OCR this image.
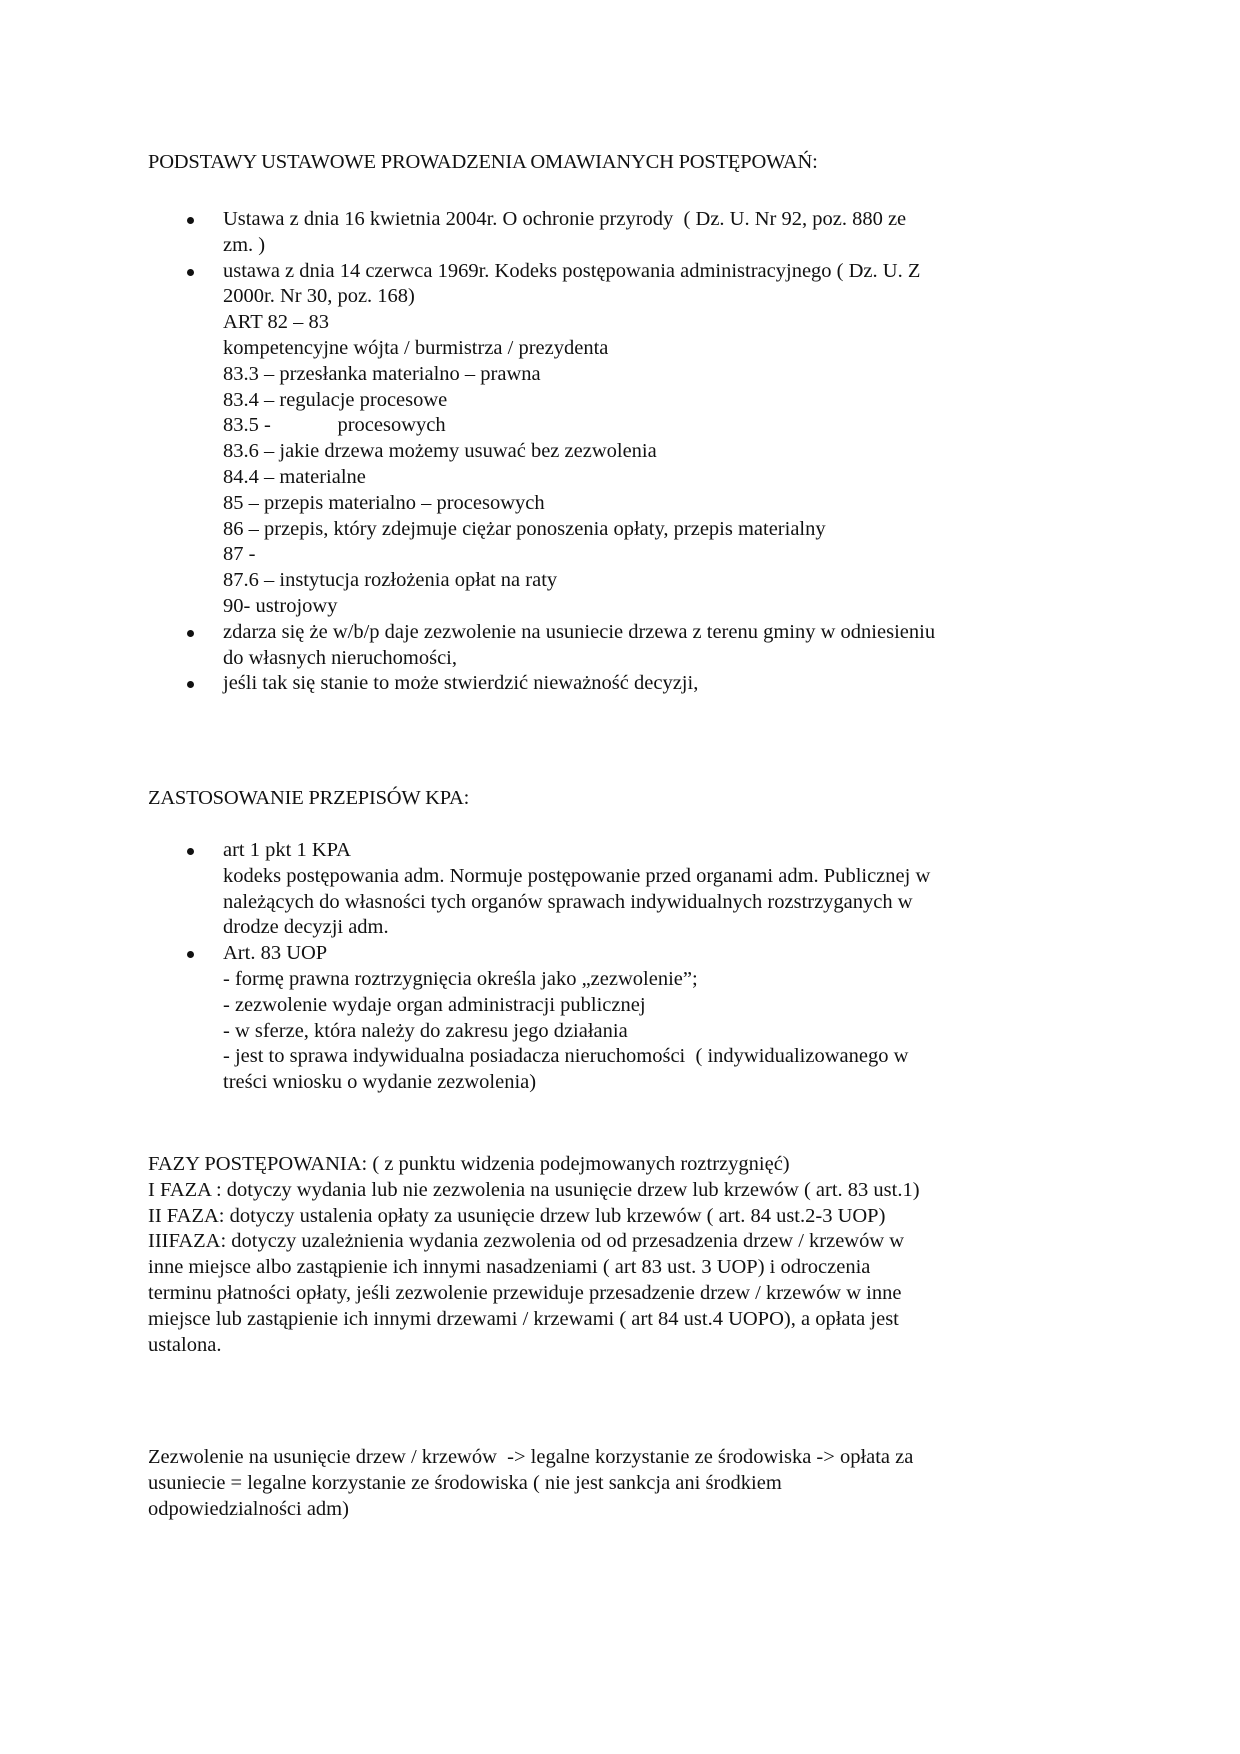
PODSTAWY USTAWOWE PROWADZENIA OMAWIANYCH POSTĘPOWAŃ:
Ustawa z dnia 16 kwietnia 2004r. O ochronie przyrody  ( Dz. U. Nr 92, poz. 880 ze
zm. )
ustawa z dnia 14 czerwca 1969r. Kodeks postępowania administracyjnego ( Dz. U. Z
2000r. Nr 30, poz. 168)
ART 82 – 83
kompetencyjne wójta / burmistrza / prezydenta
83.3 – przesłanka materialno – prawna
83.4 – regulacje procesowe
83.5 -             procesowych
83.6 – jakie drzewa możemy usuwać bez zezwolenia
84.4 – materialne
85 – przepis materialno – procesowych
86 – przepis, który zdejmuje ciężar ponoszenia opłaty, przepis materialny
87 -
87.6 – instytucja rozłożenia opłat na raty
90- ustrojowy
zdarza się że w/b/p daje zezwolenie na usuniecie drzewa z terenu gminy w odniesieniu
do własnych nieruchomości,
jeśli tak się stanie to może stwierdzić nieważność decyzji,
ZASTOSOWANIE PRZEPISÓW KPA:
art 1 pkt 1 KPA
kodeks postępowania adm. Normuje postępowanie przed organami adm. Publicznej w
należących do własności tych organów sprawach indywidualnych rozstrzyganych w
drodze decyzji adm.
Art. 83 UOP
- formę prawna roztrzygnięcia określa jako „zezwolenie”;
- zezwolenie wydaje organ administracji publicznej
- w sferze, która należy do zakresu jego działania
- jest to sprawa indywidualna posiadacza nieruchomości  ( indywidualizowanego w
treści wniosku o wydanie zezwolenia)
FAZY POSTĘPOWANIA: ( z punktu widzenia podejmowanych roztrzygnięć)
I FAZA : dotyczy wydania lub nie zezwolenia na usunięcie drzew lub krzewów ( art. 83 ust.1)
II FAZA: dotyczy ustalenia opłaty za usunięcie drzew lub krzewów ( art. 84 ust.2-3 UOP)
IIIFAZA: dotyczy uzależnienia wydania zezwolenia od od przesadzenia drzew / krzewów w
inne miejsce albo zastąpienie ich innymi nasadzeniami ( art 83 ust. 3 UOP) i odroczenia
terminu płatności opłaty, jeśli zezwolenie przewiduje przesadzenie drzew / krzewów w inne
miejsce lub zastąpienie ich innymi drzewami / krzewami ( art 84 ust.4 UOPO), a opłata jest
ustalona.
Zezwolenie na usunięcie drzew / krzewów  -> legalne korzystanie ze środowiska -> opłata za
usuniecie = legalne korzystanie ze środowiska ( nie jest sankcja ani środkiem
odpowiedzialności adm)
